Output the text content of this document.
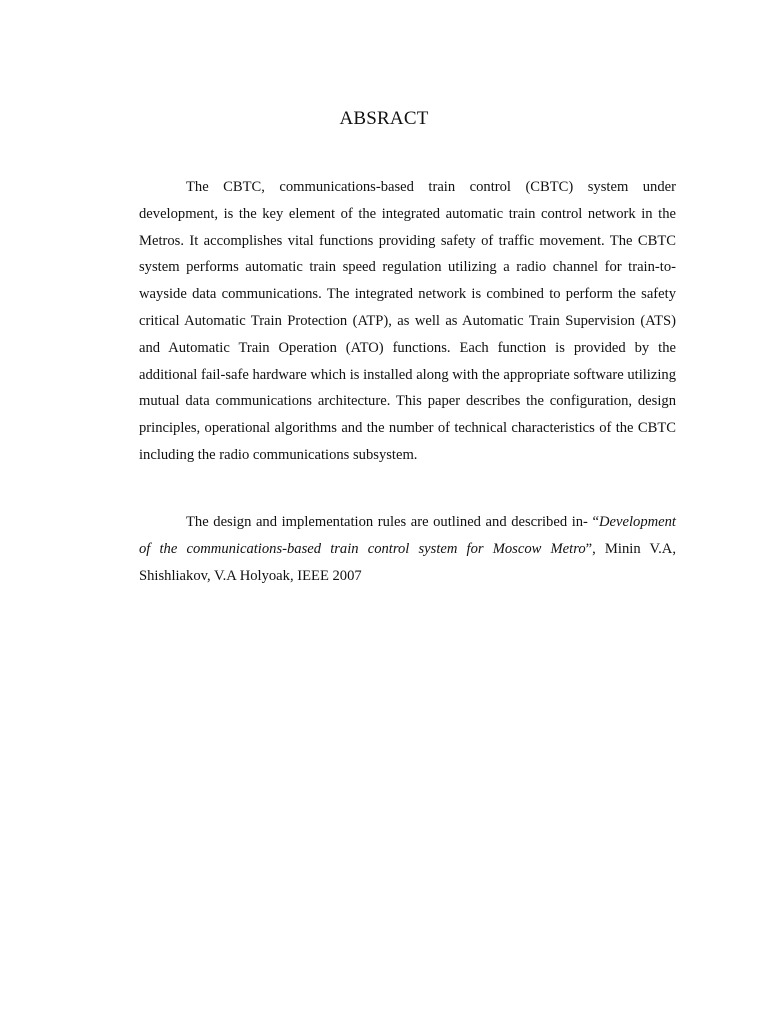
ABSRACT

The CBTC, communications-based train control (CBTC) system under development, is the key element of the integrated automatic train control network in the Metros. It accomplishes vital functions providing safety of traffic movement. The CBTC system performs automatic train speed regulation utilizing a radio channel for train-to-wayside data communications. The integrated network is combined to perform the safety critical Automatic Train Protection (ATP), as well as Automatic Train Supervision (ATS) and Automatic Train Operation (ATO) functions. Each function is provided by the additional fail-safe hardware which is installed along with the appropriate software utilizing mutual data communications architecture. This paper describes the configuration, design principles, operational algorithms and the number of technical characteristics of the CBTC including the radio communications subsystem.

The design and implementation rules are outlined and described in- “Development of the communications-based train control system for Moscow Metro”, Minin V.A, Shishliakov, V.A Holyoak, IEEE 2007
